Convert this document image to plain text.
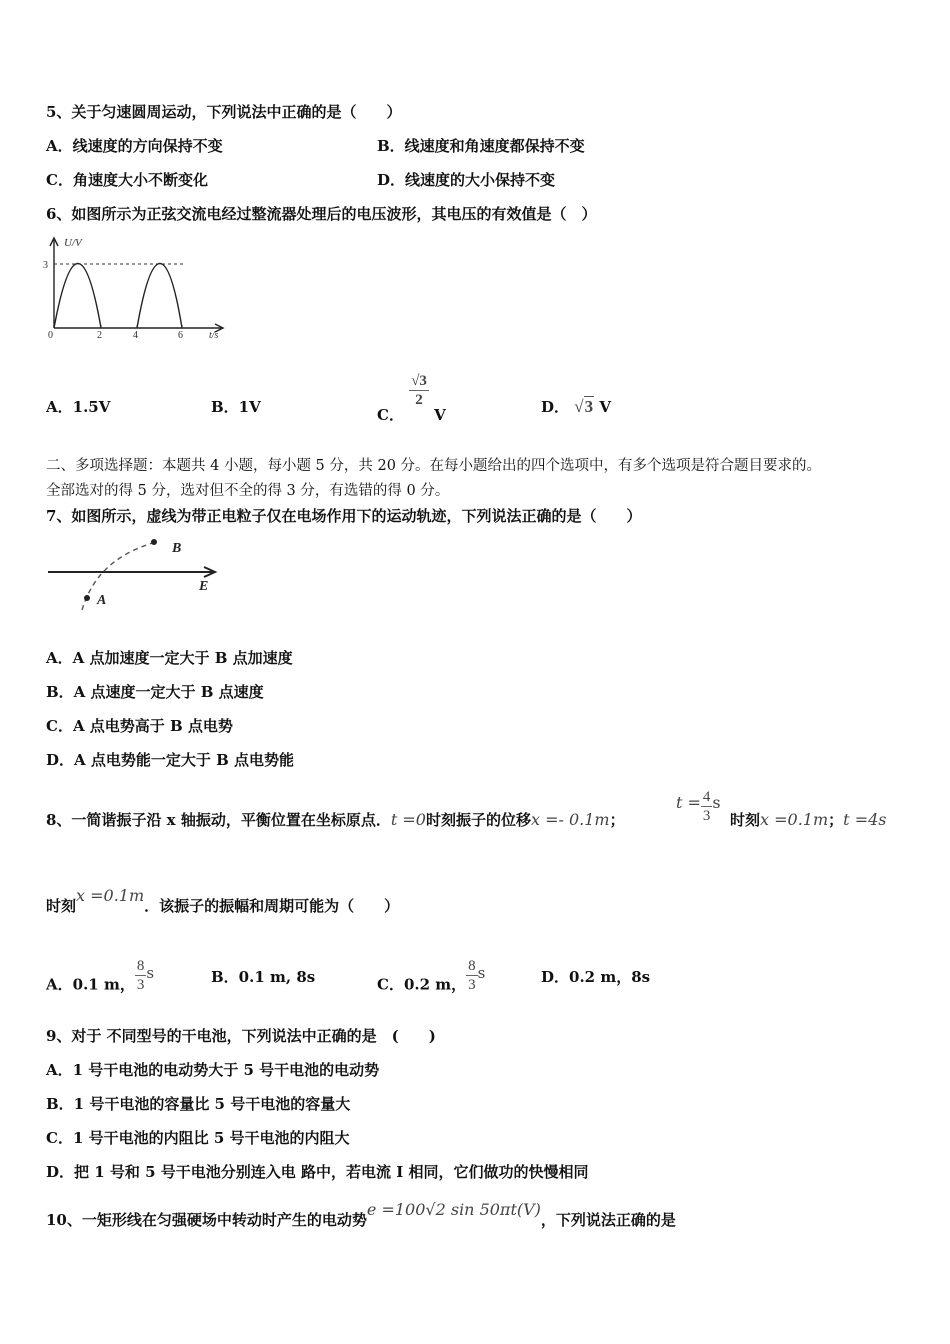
5、关于匀速圆周运动，下列说法中正确的是（　　）
A．线速度的方向保持不变	B．线速度和角速度都保持不变
C．角速度大小不断变化	D．线速度的大小保持不变
6、如图所示为正弦交流电经过整流器处理后的电压波形，其电压的有效值是（　）
U/V
3
0	2	4	6	t/s
A．1.5V	B．1V	C．
$\frac{√3}{2}$
V	D． √3 V
二、多项选择题：本题共 4 小题，每小题 5 分，共 20 分。在每小题给出的四个选项中，有多个选项是符合题目要求的。
全部选对的得 5 分，选对但不全的得 3 分，有选错的得 0 分。
7、如图所示，虚线为带正电粒子仅在电场作用下的运动轨迹，下列说法正确的是（　　）
A
B
E
A．A 点加速度一定大于 B 点加速度
B．A 点速度一定大于 B 点速度
C．A 点电势高于 B 点电势
D．A 点电势能一定大于 B 点电势能
8、一简谐振子沿 x 轴振动，平衡位置在坐标原点．t =0时刻振子的位移x =- 0.1m；
$t = \frac{4}{3}$ s
时刻x =0.1m；t =4s
时刻x =0.1m．该振子的振幅和周期可能为（　　）
A．0.1 m， $\frac{8}{3}$ s	B．0.1 m, 8s	C．0.2 m， $\frac{8}{3}$ s	D．0.2 m，8s
9、对于 不同型号的干电池，下列说法中正确的是　(　　)
A．1 号干电池的电动势大于 5 号干电池的电动势
B．1 号干电池的容量比 5 号干电池的容量大
C．1 号干电池的内阻比 5 号干电池的内阻大
D．把 1 号和 5 号干电池分别连入电 路中，若电流 I 相同，它们做功的快慢相同
10、一矩形线在匀强硬场中转动时产生的电动势e =100√2 sin 50πt(V)，下列说法正确的是
